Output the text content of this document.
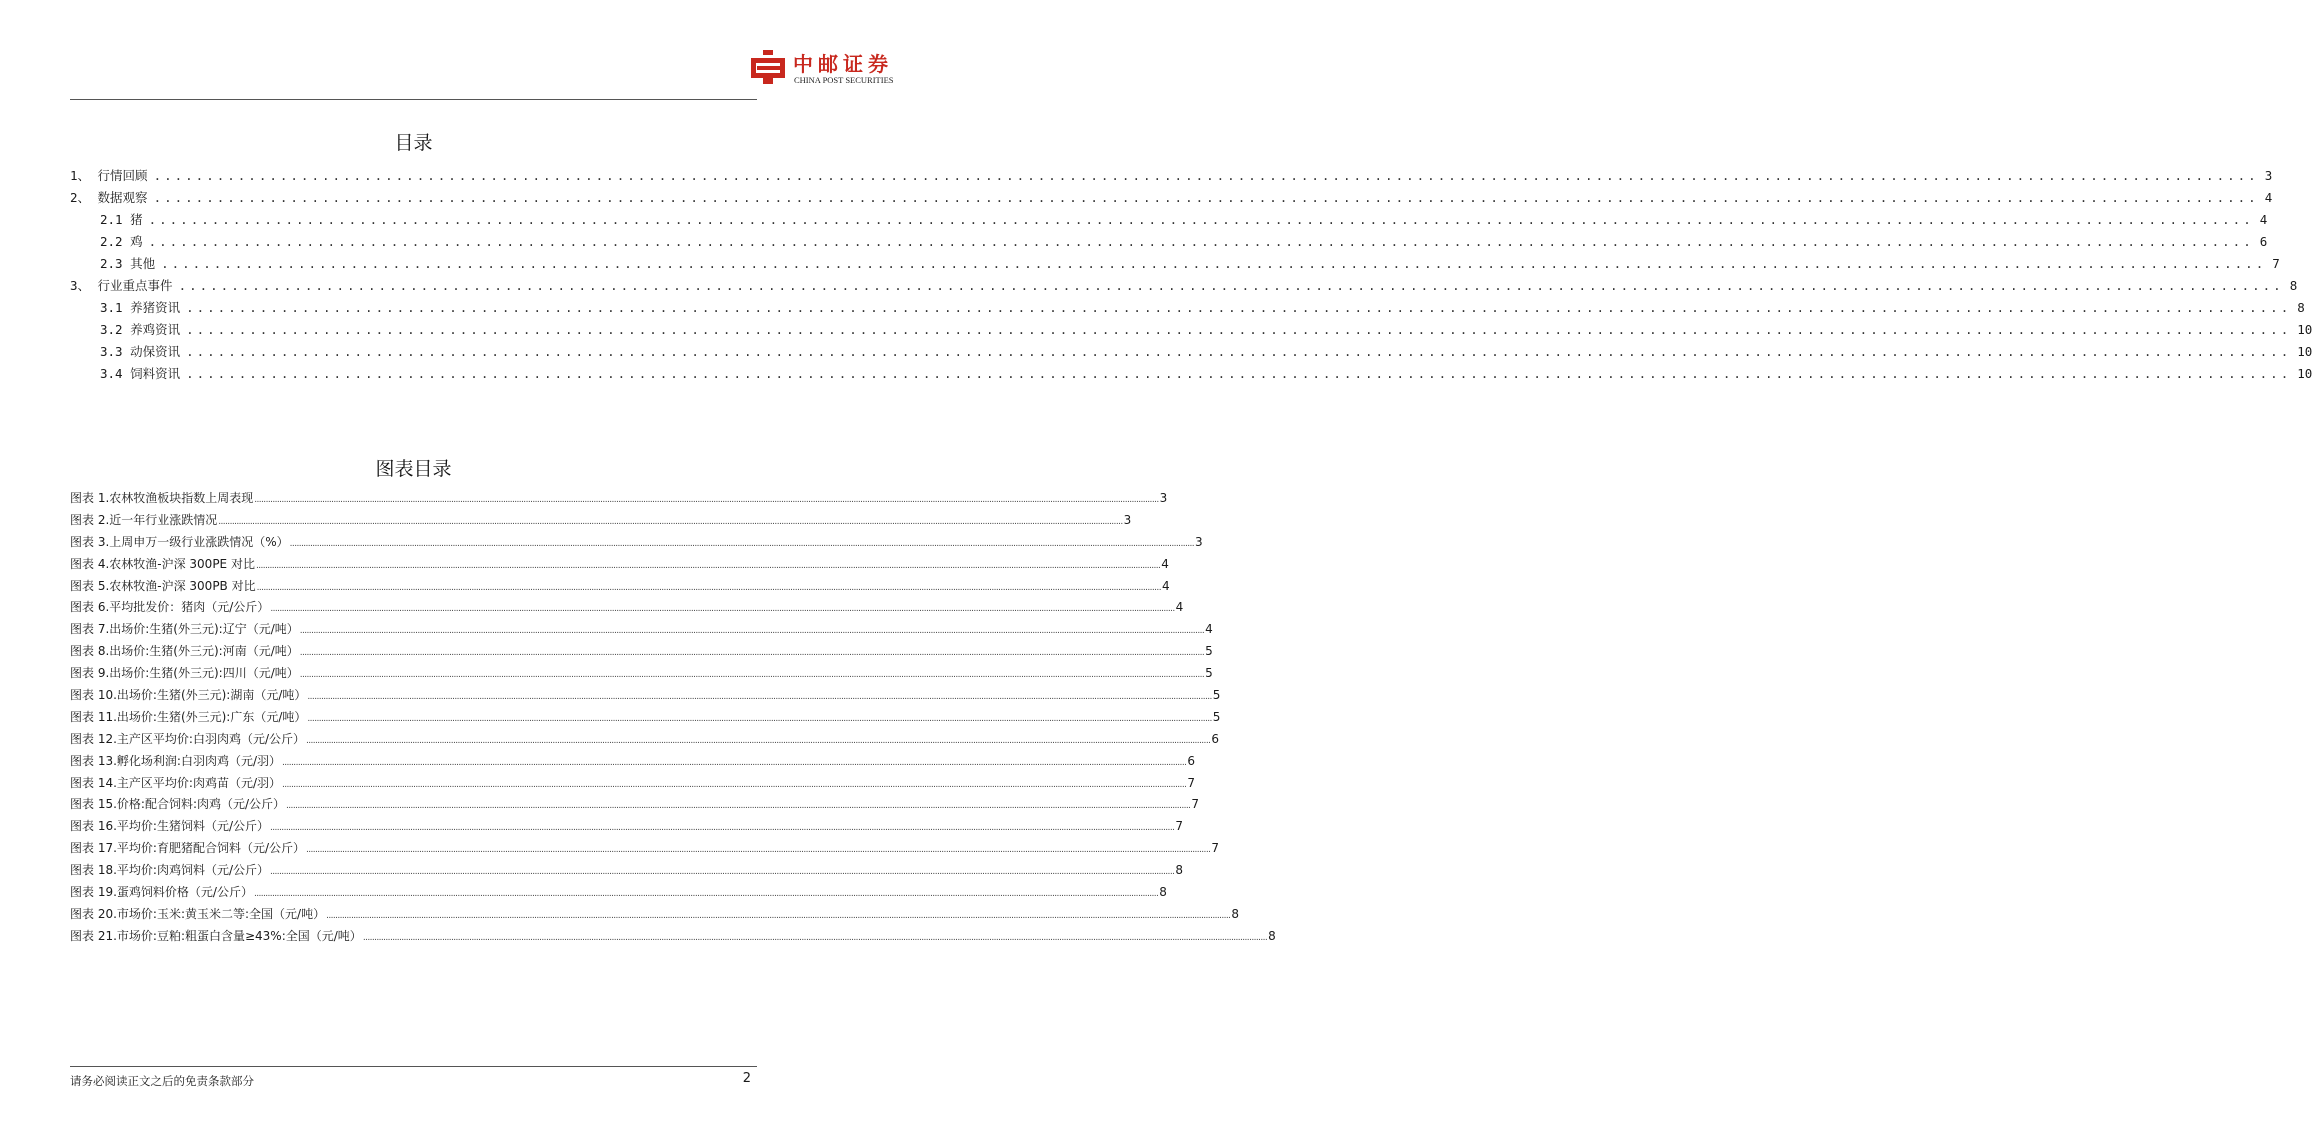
中邮证券
CHINA POST SECURITIES
目录
1、 行情回顾 ........................................................................................................................................................................................................ 3
2、 数据观察 ........................................................................................................................................................................................................ 4
2.1 猪 ........................................................................................................................................................................................................ 4
2.2 鸡 ........................................................................................................................................................................................................ 6
2.3 其他 ........................................................................................................................................................................................................ 7
3、 行业重点事件 ........................................................................................................................................................................................................ 8
3.1 养猪资讯 ........................................................................................................................................................................................................ 8
3.2 养鸡资讯 ........................................................................................................................................................................................................ 10
3.3 动保资讯 ........................................................................................................................................................................................................ 10
3.4 饲料资讯 ........................................................................................................................................................................................................ 10
图表目录
图表 1.农林牧渔板块指数上周表现 ................................................................................................................................................................................................................................................................................................................................................................................................................ 3
图表 2.近一年行业涨跌情况 ................................................................................................................................................................................................................................................................................................................................................................................................................ 3
图表 3.上周申万一级行业涨跌情况（%） ................................................................................................................................................................................................................................................................................................................................................................................................................ 3
图表 4.农林牧渔-沪深 300PE 对比 ................................................................................................................................................................................................................................................................................................................................................................................................................ 4
图表 5.农林牧渔-沪深 300PB 对比 ................................................................................................................................................................................................................................................................................................................................................................................................................ 4
图表 6.平均批发价：猪肉（元/公斤） ................................................................................................................................................................................................................................................................................................................................................................................................................ 4
图表 7.出场价:生猪(外三元):辽宁（元/吨） ................................................................................................................................................................................................................................................................................................................................................................................................................ 4
图表 8.出场价:生猪(外三元):河南（元/吨） ................................................................................................................................................................................................................................................................................................................................................................................................................ 5
图表 9.出场价:生猪(外三元):四川（元/吨） ................................................................................................................................................................................................................................................................................................................................................................................................................ 5
图表 10.出场价:生猪(外三元):湖南（元/吨） ................................................................................................................................................................................................................................................................................................................................................................................................................ 5
图表 11.出场价:生猪(外三元):广东（元/吨） ................................................................................................................................................................................................................................................................................................................................................................................................................ 5
图表 12.主产区平均价:白羽肉鸡（元/公斤） ................................................................................................................................................................................................................................................................................................................................................................................................................ 6
图表 13.孵化场利润:白羽肉鸡（元/羽） ................................................................................................................................................................................................................................................................................................................................................................................................................ 6
图表 14.主产区平均价:肉鸡苗（元/羽） ................................................................................................................................................................................................................................................................................................................................................................................................................ 7
图表 15.价格:配合饲料:肉鸡（元/公斤） ................................................................................................................................................................................................................................................................................................................................................................................................................ 7
图表 16.平均价:生猪饲料（元/公斤） ................................................................................................................................................................................................................................................................................................................................................................................................................ 7
图表 17.平均价:育肥猪配合饲料（元/公斤） ................................................................................................................................................................................................................................................................................................................................................................................................................ 7
图表 18.平均价:肉鸡饲料（元/公斤） ................................................................................................................................................................................................................................................................................................................................................................................................................ 8
图表 19.蛋鸡饲料价格（元/公斤） ................................................................................................................................................................................................................................................................................................................................................................................................................ 8
图表 20.市场价:玉米:黄玉米二等:全国（元/吨） ................................................................................................................................................................................................................................................................................................................................................................................................................ 8
图表 21.市场价:豆粕:粗蛋白含量≥43%:全国（元/吨） ................................................................................................................................................................................................................................................................................................................................................................................................................ 8
请务必阅读正文之后的免责条款部分	2
